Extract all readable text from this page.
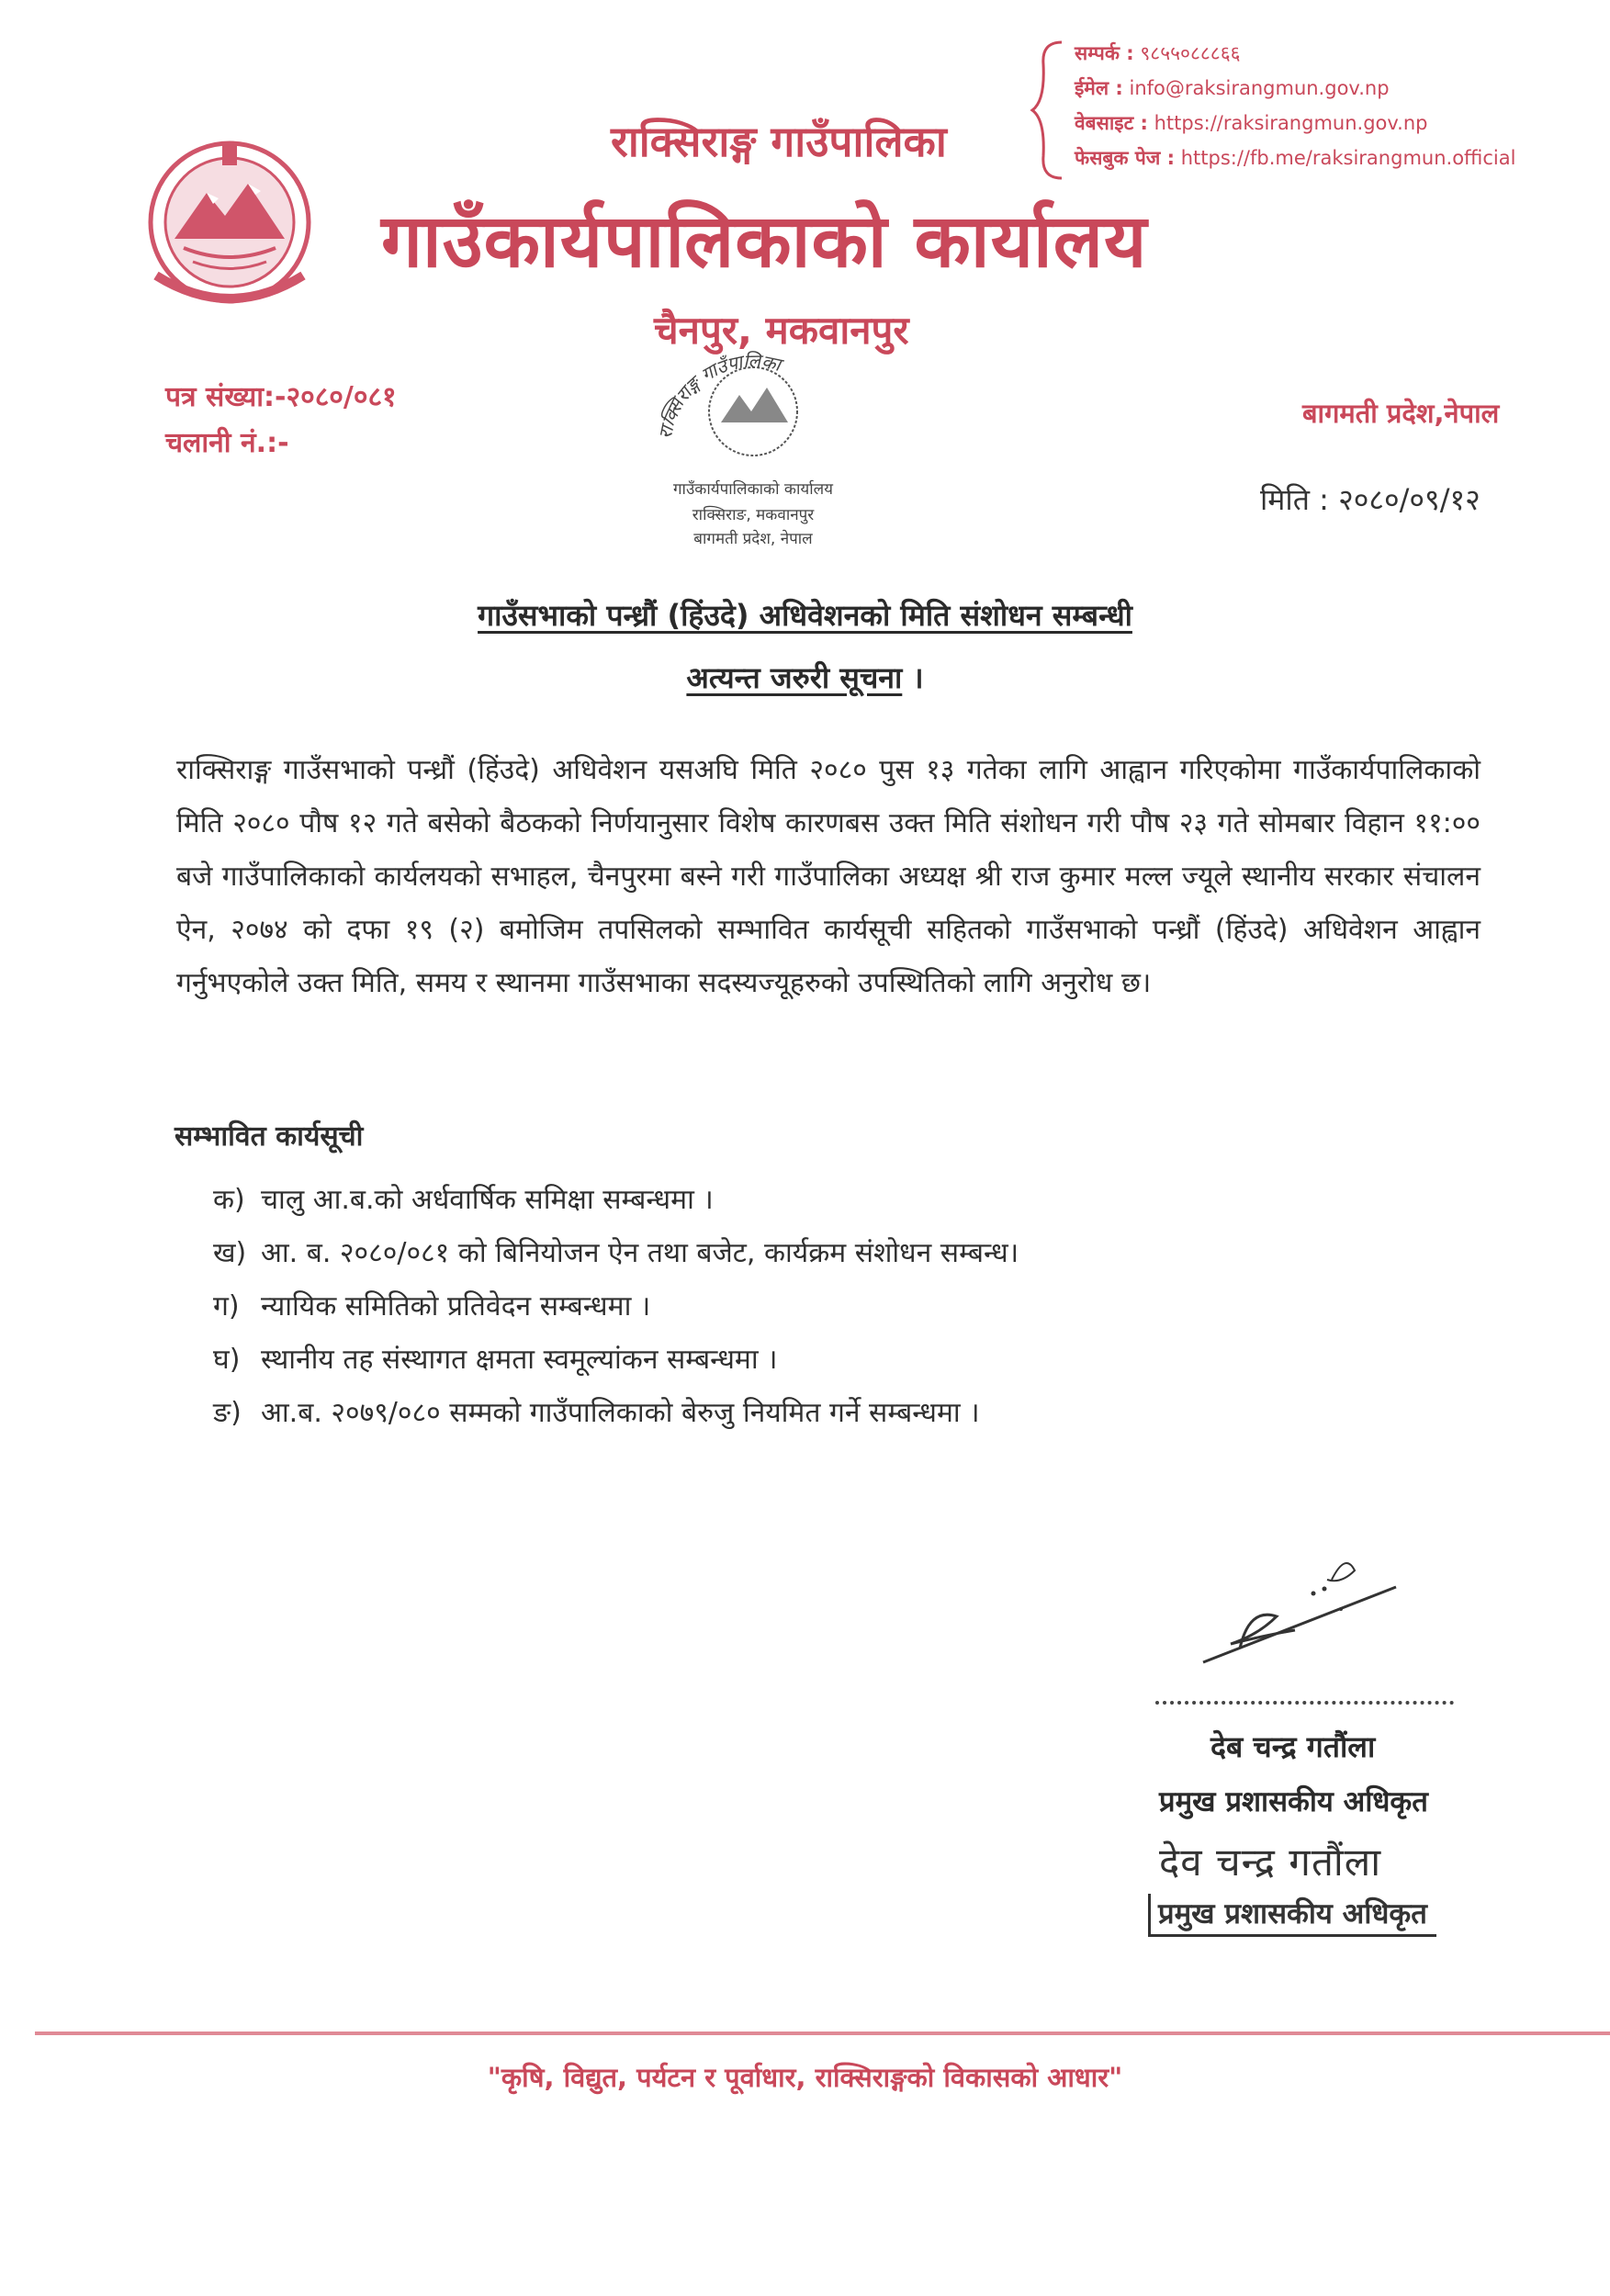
राक्सिराङ्ग गाउँपालिका
गाउँकार्यपालिकाको कार्यालय
चैनपुर, मकवानपुर
सम्पर्क : ९८५५०८८८६६
ईमेल : info@raksirangmun.gov.np
वेबसाइट : https://raksirangmun.gov.np
फेसबुक पेज : https://fb.me/raksirangmun.official
पत्र संख्या:-२०८०/०८१
चलानी नं.:-
बागमती प्रदेश,नेपाल
मिति : २०८०/०९/१२
राक्सिराङ्ग गाउँपालिका
गाउँकार्यपालिकाको कार्यालय
राक्सिराङ, मकवानपुर
बागमती प्रदेश, नेपाल
गाउँसभाको पन्ध्रौं (हिंउदे) अधिवेशनको मिति संशोधन सम्बन्धी
अत्यन्त जरुरी सूचना ।
राक्सिराङ्ग गाउँसभाको पन्ध्रौं (हिंउदे) अधिवेशन यसअघि मिति २०८० पुस १३ गतेका लागि आह्वान गरिएकोमा गाउँकार्यपालिकाको मिति २०८० पौष १२ गते बसेको बैठकको निर्णयानुसार विशेष कारणबस उक्त मिति संशोधन गरी पौष २३ गते सोमबार विहान ११:०० बजे गाउँपालिकाको कार्यलयको सभाहल, चैनपुरमा बस्ने गरी गाउँपालिका अध्यक्ष श्री राज कुमार मल्ल ज्यूले स्थानीय सरकार संचालन ऐन, २०७४ को दफा १९ (२) बमोजिम तपसिलको सम्भावित कार्यसूची सहितको गाउँसभाको पन्ध्रौं (हिंउदे) अधिवेशन आह्वान गर्नुभएकोले उक्त मिति, समय र स्थानमा गाउँसभाका सदस्यज्यूहरुको उपस्थितिको लागि अनुरोध छ।
सम्भावित कार्यसूची
क) चालु आ.ब.को अर्धवार्षिक समिक्षा सम्बन्धमा ।
ख) आ. ब. २०८०/०८१ को बिनियोजन ऐन तथा बजेट, कार्यक्रम संशोधन सम्बन्ध।
ग) न्यायिक समितिको प्रतिवेदन सम्बन्धमा ।
घ) स्थानीय तह संस्थागत क्षमता स्वमूल्यांकन सम्बन्धमा ।
ङ) आ.ब. २०७९/०८० सम्मको गाउँपालिकाको बेरुजु नियमित गर्ने सम्बन्धमा ।
देब चन्द्र गतौंला
प्रमुख प्रशासकीय अधिकृत
देव चन्द्र गतौंला
प्रमुख प्रशासकीय अधिकृत
"कृषि, विद्युत, पर्यटन र पूर्वाधार, राक्सिराङ्गको विकासको आधार"
